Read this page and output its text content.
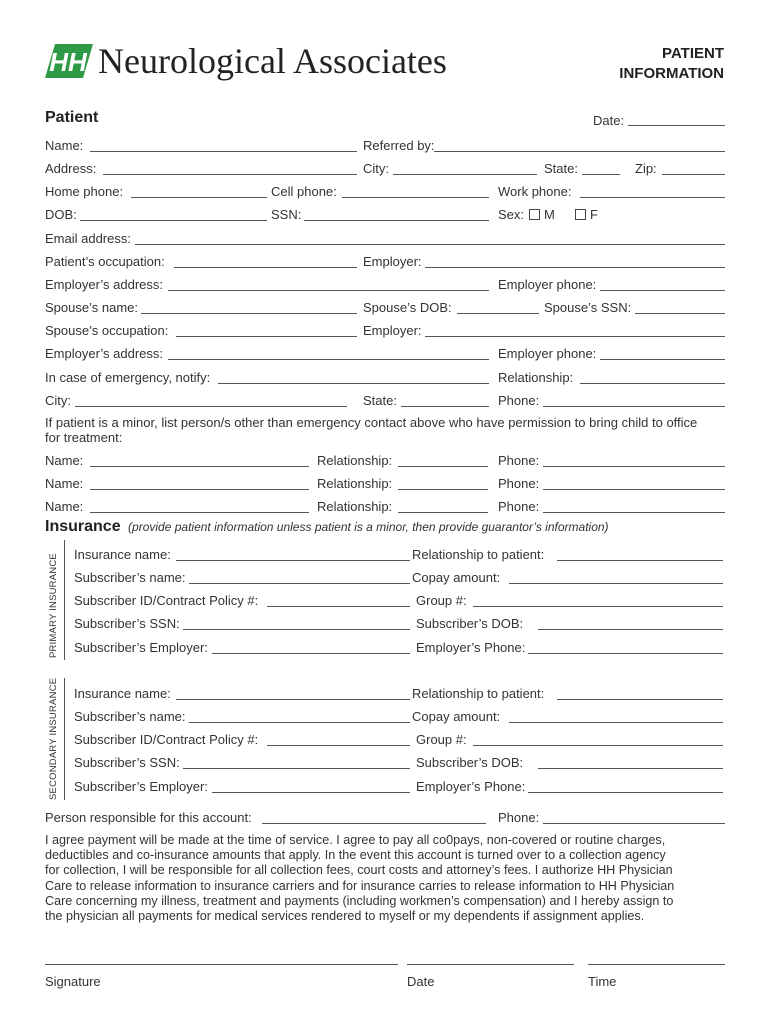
HH Neurological Associates	PATIENT
INFORMATION
Patient	Date:
Name:	Referred by:
Address:	City:	State:	Zip:
Home phone:	Cell phone:	Work phone:
DOB:	SSN:	Sex:	M	F
Email address:
Patient’s occupation:	Employer:
Employer’s address:	Employer phone:
Spouse’s name:	Spouse’s DOB:	Spouse’s SSN:
Spouse’s occupation:	Employer:
Employer’s address:	Employer phone:
In case of emergency, notify:	Relationship:
City:	State:	Phone:
If patient is a minor, list person/s other than emergency contact above who have permission to bring child to office
for treatment:
Name:	Relationship:	Phone:
Name:	Relationship:	Phone:
Name:	Relationship:	Phone:
Insurance (provide patient information unless patient is a minor, then provide guarantor’s information)
PRIMARY INSURANCE Insurance name:	Relationship to patient:
Subscriber’s name:	Copay amount:
Subscriber ID/Contract Policy #:	Group #:
Subscriber’s SSN:	Subscriber’s DOB:
Subscriber’s Employer:	Employer’s Phone:
SECONDARY INSURANCE Insurance name:	Relationship to patient:
Subscriber’s name:	Copay amount:
Subscriber ID/Contract Policy #:	Group #:
Subscriber’s SSN:	Subscriber’s DOB:
Subscriber’s Employer:	Employer’s Phone:
Person responsible for this account:	Phone:
I agree payment will be made at the time of service. I agree to pay all co0pays, non-covered or routine charges,
deductibles and co-insurance amounts that apply. In the event this account is turned over to a collection agency
for collection, I will be responsible for all collection fees, court costs and attorney’s fees. I authorize HH Physician
Care to release information to insurance carriers and for insurance carries to release information to HH Physician
Care concerning my illness, treatment and payments (including workmen’s compensation) and I hereby assign to
the physician all payments for medical services rendered to myself or my dependents if assignment applies.
Signature	Date	Time
